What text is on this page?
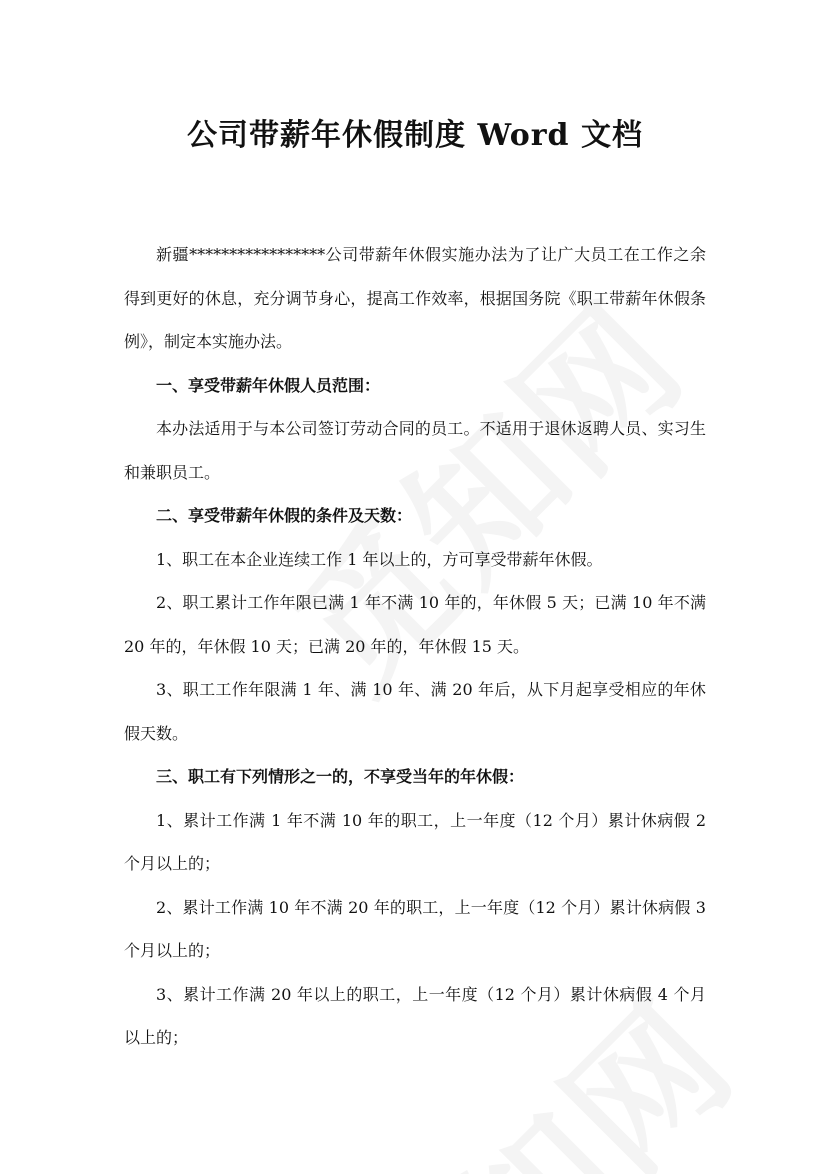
公司带薪年休假制度 Word 文档

新疆*****************公司带薪年休假实施办法为了让广大员工在工作之余得到更好的休息，充分调节身心，提高工作效率，根据国务院《职工带薪年休假条例》，制定本实施办法。

一、享受带薪年休假人员范围：

本办法适用于与本公司签订劳动合同的员工。不适用于退休返聘人员、实习生和兼职员工。

二、享受带薪年休假的条件及天数：

1、职工在本企业连续工作 1 年以上的，方可享受带薪年休假。

2、职工累计工作年限已满 1 年不满 10 年的，年休假 5 天；已满 10 年不满 20 年的，年休假 10 天；已满 20 年的，年休假 15 天。

3、职工工作年限满 1 年、满 10 年、满 20 年后，从下月起享受相应的年休假天数。

三、职工有下列情形之一的，不享受当年的年休假：

1、累计工作满 1 年不满 10 年的职工，上一年度（12 个月）累计休病假 2 个月以上的；

2、累计工作满 10 年不满 20 年的职工，上一年度（12 个月）累计休病假 3 个月以上的；

3、累计工作满 20 年以上的职工，上一年度（12 个月）累计休病假 4 个月以上的；
